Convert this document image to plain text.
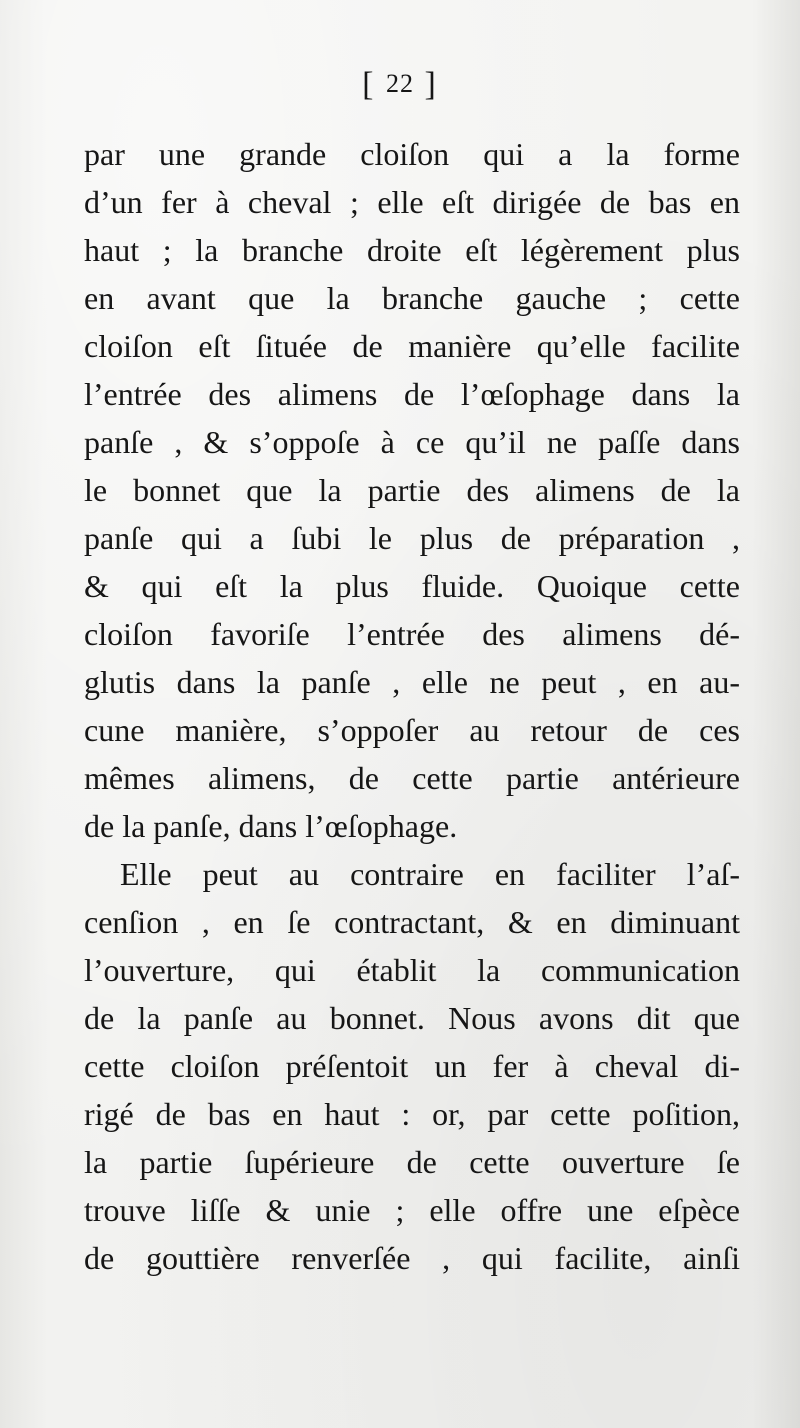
[ 22 ]
par une grande cloiſon qui a la forme
d’un fer à cheval ; elle eſt dirigée de bas en
haut ; la branche droite eſt légèrement plus
en avant que la branche gauche ; cette
cloiſon eſt ſituée de manière qu’elle facilite
l’entrée des alimens de l’œſophage dans la
panſe , & s’oppoſe à ce qu’il ne paſſe dans
le bonnet que la partie des alimens de la
panſe qui a ſubi le plus de préparation ,
& qui eſt la plus fluide. Quoique cette
cloiſon favoriſe l’entrée des alimens dé-
glutis dans la panſe , elle ne peut , en au-
cune manière, s’oppoſer au retour de ces
mêmes alimens, de cette partie antérieure
de la panſe, dans l’œſophage.
Elle peut au contraire en faciliter l’aſ-
cenſion , en ſe contractant, & en diminuant
l’ouverture, qui établit la communication
de la panſe au bonnet. Nous avons dit que
cette cloiſon préſentoit un fer à cheval di-
rigé de bas en haut : or, par cette poſition,
la partie ſupérieure de cette ouverture ſe
trouve liſſe & unie ; elle offre une eſpèce
de gouttière renverſée , qui facilite, ainſi
